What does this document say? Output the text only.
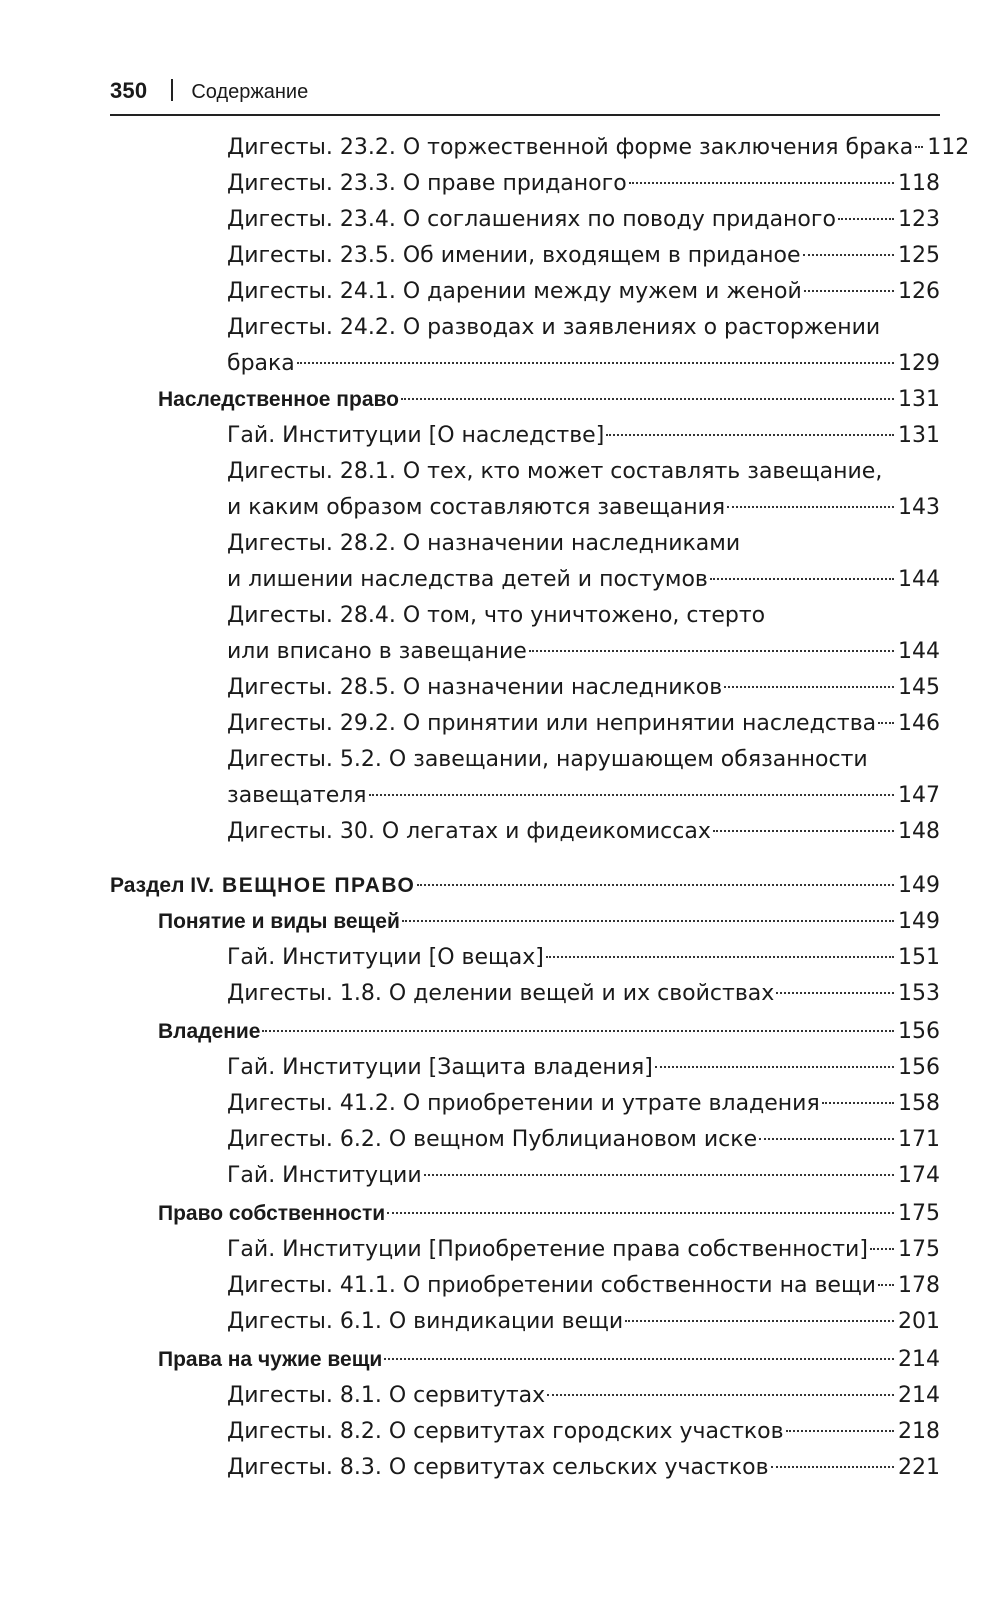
350 Содержание
Дигесты. 23.2. О торжественной форме заключения брака 112
Дигесты. 23.3. О праве приданого	118
Дигесты. 23.4. О соглашениях по поводу приданого	123
Дигесты. 23.5. Об имении, входящем в приданое	125
Дигесты. 24.1. О дарении между мужем и женой	126
Дигесты. 24.2. О разводах и заявлениях о расторжении
брака	129
Наследственное право	131
Гай. Институции [О наследстве]	131
Дигесты. 28.1. О тех, кто может составлять завещание,
и каким образом составляются завещания	143
Дигесты. 28.2. О назначении наследниками
и лишении наследства детей и постумов	144
Дигесты. 28.4. О том, что уничтожено, стерто
или вписано в завещание	144
Дигесты. 28.5. О назначении наследников	145
Дигесты. 29.2. О принятии или непринятии наследства 146
Дигесты. 5.2. О завещании, нарушающем обязанности
завещателя	147
Дигесты. 30. О легатах и фидеикомиссах	148
Раздел IV. ВЕЩНОЕ ПРАВО	149
Понятие и виды вещей	149
Гай. Институции [О вещах]	151
Дигесты. 1.8. О делении вещей и их свойствах	153
Владение	156
Гай. Институции [Защита владения]	156
Дигесты. 41.2. О приобретении и утрате владения	158
Дигесты. 6.2. О вещном Публициановом иске	171
Гай. Институции	174
Право собственности	175
Гай. Институции [Приобретение права собственности] 175
Дигесты. 41.1. О приобретении собственности на вещи 178
Дигесты. 6.1. О виндикации вещи	201
Права на чужие вещи	214
Дигесты. 8.1. О сервитутах	214
Дигесты. 8.2. О сервитутах городских участков	218
Дигесты. 8.3. О сервитутах сельских участков	221
